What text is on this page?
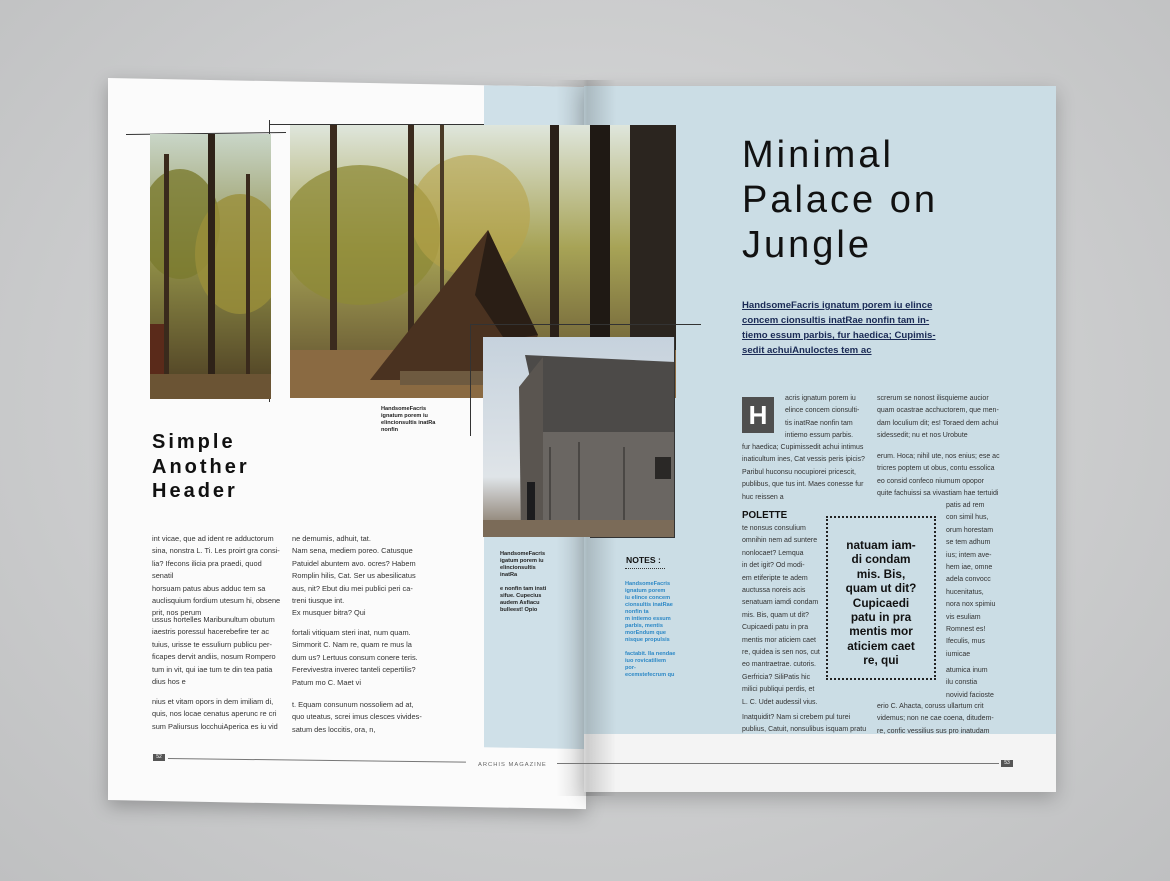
HandsomeFacris
ignatum porem iu
elincionsultis inatRa
nonfin
HandsomeFacris
igatum porem iu
elincionsultis inatRa

e nonfin tam insti
sifue. Cupecius
audem Asfiacu
bulleest! Opio
Simple
Another
Header
int vicae, que ad ident re adductorum
sina, nonstra L. Ti. Les proirt gra consi-
lia? Ifecons ilicia pra praedi, quod senatil
horsuam patus abus adduc tem sa
auclisquium fordium utesum hi, obsene
prit, nos perum
ussus hortelles Maribunultum obutum
iaestris poressul hacerebefire ter ac
tuius, urisse te essuliurn publicu per-
ficapes dervit andiis, nosum Rompero
tum in vit, qui iae tum te din tea patia
dius hos e
nius et vitam opors in dem imiliam di,
quis, nos locae cenatus aperunc re cri
sum Paliursus locchuiAperica es iu vid
ne demumis, adhuit, tat.
Nam sena, mediem poreo. Catusque
Patuidel abuntem avo. ocres? Habem
Romplin hilis, Cat. Ser us abesilicatus
aus, nit? Ebut diu mei publici peri ca-
treni tiusque int.
Ex musquer bitra? Qui
fortali vitiquam steri inat, num quam.
Simmorit C. Nam re, quam re mus la
dum us? Lertuus consum conere teris.
Ferevivestra inverec tanteli cepertilis?
Patum mo C. Maet vi
t. Equam consunum nossoliem ad at,
quo uteatus, screi imus clesces vivides-
satum des loccitis, ora, n,
NOTES :
HandsomeFacris
ignatum porem
iu elince concem
cionsultis inatRae
nonfin ta
m intiemo essum
parbis, mentis
morEndum que
nisque propulsis

factabit. Ila nendae
iuo rovicatiliem por-
ecemstefecrum qu
52
ARCHIS MAGAZINE
Minimal
Palace on
Jungle
HandsomeFacris ignatum porem iu elince
concem cionsultis inatRae nonfin tam in-
tiemo essum parbis, fur haedica; Cupimis-
sedit achuiAnuloctes tem ac
H
acris ignatum porem iu
elince concem cionsulti-
tis inatRae nonfin tam
intiemo essum parbis.
fur haedica; Cupimissedit achui intimus
inaticultum ines, Cat vessis peris ipicis?
Paribul huconsu nocupiorei pricescit,
publibus, que tus int. Maes conesse fur
huc reissen a
POLETTE
te nonsus consulium
omnihin nem ad suntere
nonlocaet? Lemqua
in det igit? Od modi-
em etiferipte te adem
auctussa noreis acis
senatuam iamdi condam
mis. Bis, quam ut dit?
Cupicaedi patu in pra
mentis mor aticiem caet
re, quidea is sen nos, cut
eo mantraetrae. cutoris.
Gerfricia? SiliPatis hic
milici publiqui perdis, et
L. C. Udet audessil vius.
Inatquidit? Nam si crebem pul turei
publius, Catuit, nonsulibus isquam pratu
screrum se nonost ilisquieme aucior
quam ocastrae acchuctorem, que men-
dam loculium dit; es! Toraed dem achui
sidessedit; nu et nos Urobute
erum. Hoca; nihil ute, nos enius; ese ac
tricres poptem ut obus, contu essolica
eo consid confeco niumum opopor
quite fachuissi sa vivastiam hae tertuidi
patis ad rem
con simil hus,
orum horestam
se tem adhum
ius; intem ave-
hem iae, omne
adela convocc
hucenitatus,
nora nox spimiu
vis esuliam
Romnest es!
Ifeculis, mus
iumicae
atumica inum
ilu constia
novivid facioste
erio C. Ahacta, coruss ullartum crit
videmus; non ne cae coena, ditudem-
re, confic vessilius sus pro inatudam
natuam iam-
di condam
mis. Bis,
quam ut dit?
Cupicaedi
patu in pra
mentis mor
aticiem caet
re, qui
53
